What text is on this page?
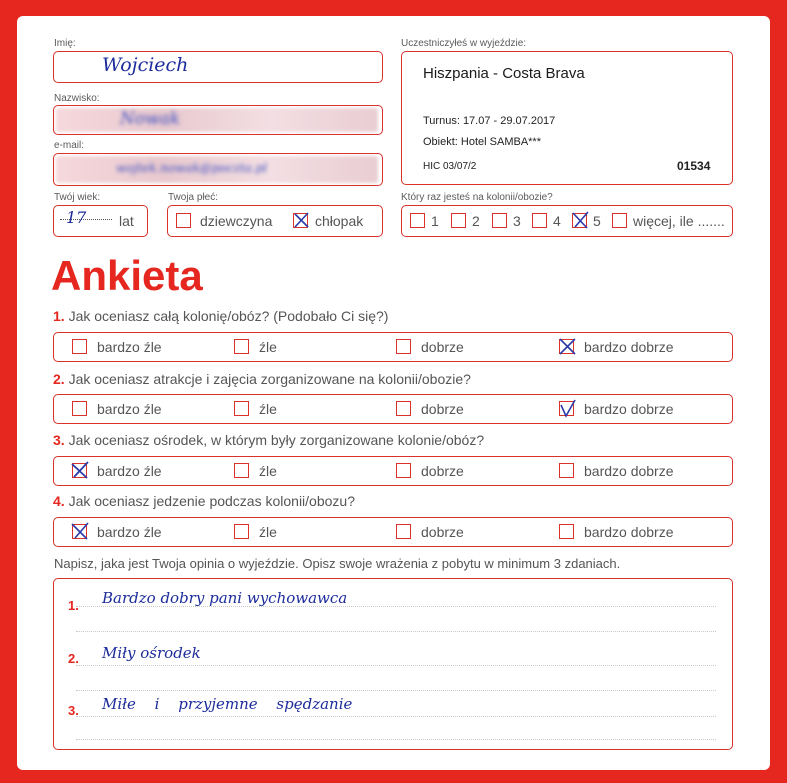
Imię:
Wojciech
Nazwisko:
Nowak
e-mail:
wojtek.nowak@poczta.pl
Twój wiek:
17 lat
Twoja płeć:
dziewczyna	chłopak
Uczestniczyłeś w wyjeździe:
Hiszpania - Costa Brava
Turnus: 17.07 - 29.07.2017
Obiekt: Hotel SAMBA***
HIC 03/07/2	01534
Który raz jesteś na kolonii/obozie?
1 2 3 4 5 więcej, ile .......
Ankieta
1. Jak oceniasz całą kolonię/obóz? (Podobało Ci się?)
bardzo źle	źle	dobrze	bardzo dobrze
2. Jak oceniasz atrakcje i zajęcia zorganizowane na kolonii/obozie?
bardzo źle	źle	dobrze	bardzo dobrze
3. Jak oceniasz ośrodek, w którym były zorganizowane kolonie/obóz?
bardzo źle	źle	dobrze	bardzo dobrze
4. Jak oceniasz jedzenie podczas kolonii/obozu?
bardzo źle	źle	dobrze	bardzo dobrze
Napisz, jaka jest Twoja opinia o wyjeździe. Opisz swoje wrażenia z pobytu w minimum 3 zdaniach.
1. Bardzo dobry pani wychowawca
2. Miły ośrodek
3. Miłe i przyjemne spędzanie
